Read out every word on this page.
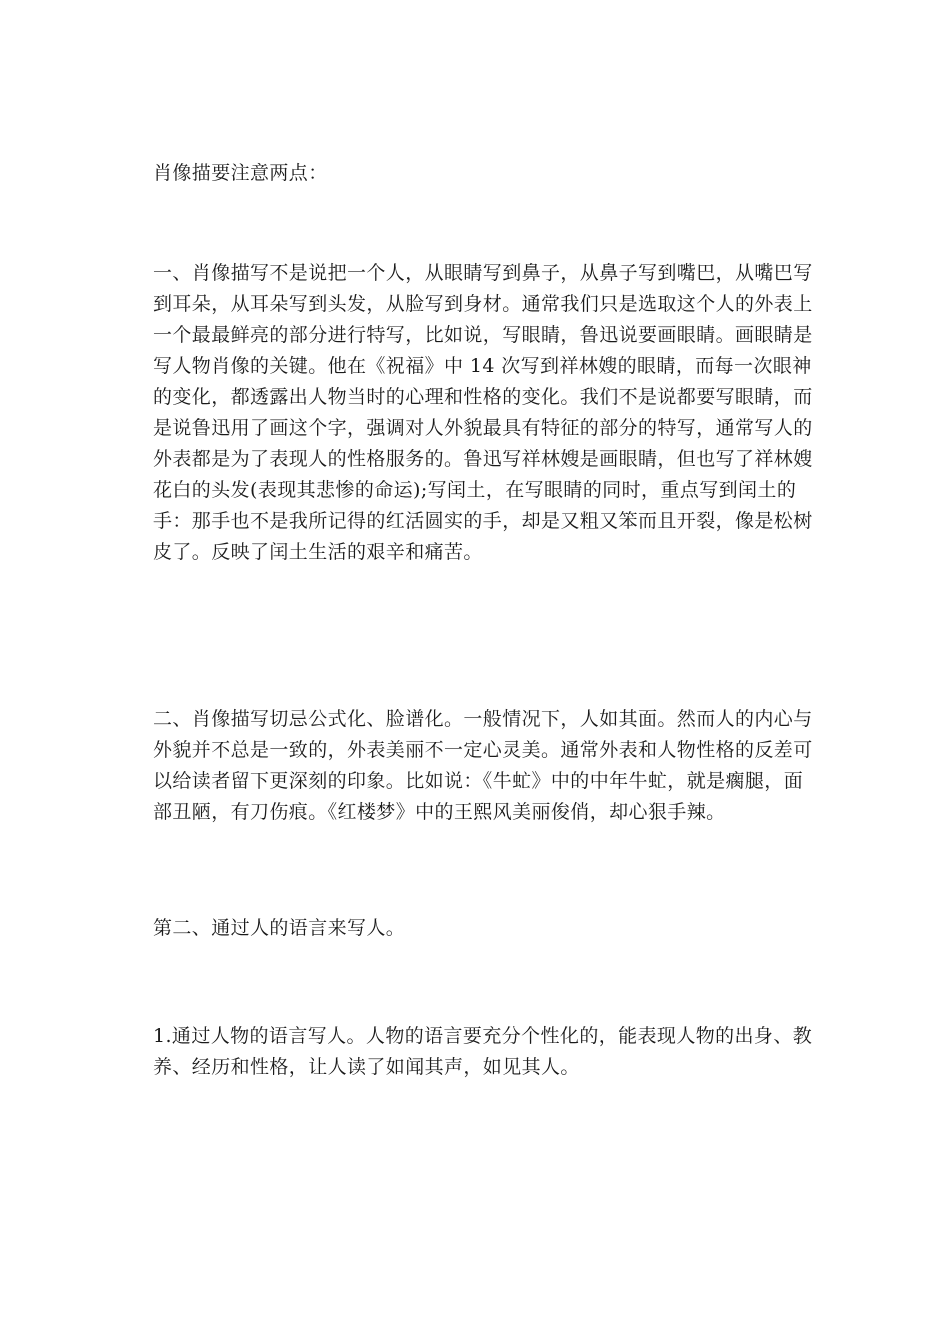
肖像描要注意两点：

一、肖像描写不是说把一个人，从眼睛写到鼻子，从鼻子写到嘴巴，从嘴巴写到耳朵，从耳朵写到头发，从脸写到身材。通常我们只是选取这个人的外表上一个最最鲜亮的部分进行特写，比如说，写眼睛，鲁迅说要画眼睛。画眼睛是写人物肖像的关键。他在《祝福》中 14 次写到祥林嫂的眼睛，而每一次眼神的变化，都透露出人物当时的心理和性格的变化。我们不是说都要写眼睛，而是说鲁迅用了画这个字，强调对人外貌最具有特征的部分的特写，通常写人的外表都是为了表现人的性格服务的。鲁迅写祥林嫂是画眼睛，但也写了祥林嫂花白的头发(表现其悲惨的命运);写闰土，在写眼睛的同时，重点写到闰土的手：那手也不是我所记得的红活圆实的手，却是又粗又笨而且开裂，像是松树皮了。反映了闰土生活的艰辛和痛苦。

二、肖像描写切忌公式化、脸谱化。一般情况下，人如其面。然而人的内心与外貌并不总是一致的，外表美丽不一定心灵美。通常外表和人物性格的反差可以给读者留下更深刻的印象。比如说：《牛虻》中的中年牛虻，就是瘸腿，面部丑陋，有刀伤痕。《红楼梦》中的王熙风美丽俊俏，却心狠手辣。

第二、通过人的语言来写人。

1.通过人物的语言写人。人物的语言要充分个性化的，能表现人物的出身、教养、经历和性格，让人读了如闻其声，如见其人。
